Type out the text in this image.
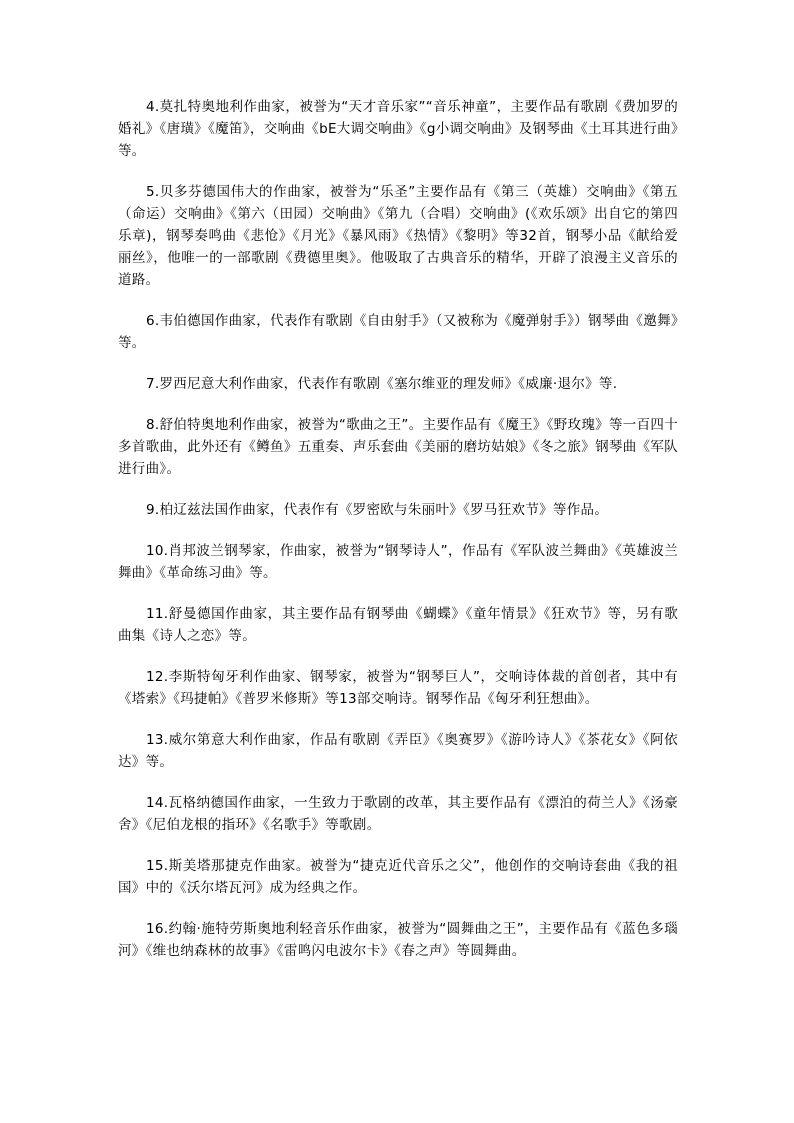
4.莫扎特奥地利作曲家，被誉为“天才音乐家”“音乐神童”，主要作品有歌剧《费加罗的婚礼》《唐璜》《魔笛》，交响曲《bE大调交响曲》《g小调交响曲》及钢琴曲《土耳其进行曲》等。

5.贝多芬德国伟大的作曲家，被誉为“乐圣”主要作品有《第三（英雄）交响曲》《第五（命运）交响曲》《第六（田园）交响曲》《第九（合唱）交响曲》(《欢乐颂》出自它的第四乐章)，钢琴奏鸣曲《悲怆》《月光》《暴风雨》《热情》《黎明》等32首，钢琴小品《献给爱丽丝》，他唯一的一部歌剧《费德里奥》。他吸取了古典音乐的精华，开辟了浪漫主义音乐的道路。

6.韦伯德国作曲家，代表作有歌剧《自由射手》（又被称为《魔弹射手》）钢琴曲《邀舞》等。

7.罗西尼意大利作曲家，代表作有歌剧《塞尔维亚的理发师》《威廉·退尔》等.

8.舒伯特奥地利作曲家，被誉为“歌曲之王”。主要作品有《魔王》《野玫瑰》等一百四十多首歌曲，此外还有《鳟鱼》五重奏、声乐套曲《美丽的磨坊姑娘》《冬之旅》钢琴曲《军队进行曲》。

9.柏辽兹法国作曲家，代表作有《罗密欧与朱丽叶》《罗马狂欢节》等作品。

10.肖邦波兰钢琴家，作曲家，被誉为“钢琴诗人”，作品有《军队波兰舞曲》《英雄波兰舞曲》《革命练习曲》等。

11.舒曼德国作曲家，其主要作品有钢琴曲《蝴蝶》《童年情景》《狂欢节》等，另有歌曲集《诗人之恋》等。

12.李斯特匈牙利作曲家、钢琴家，被誉为“钢琴巨人”，交响诗体裁的首创者，其中有《塔索》《玛捷帕》《普罗米修斯》等13部交响诗。钢琴作品《匈牙利狂想曲》。

13.威尔第意大利作曲家，作品有歌剧《弄臣》《奥赛罗》《游吟诗人》《茶花女》《阿依达》等。

14.瓦格纳德国作曲家，一生致力于歌剧的改革，其主要作品有《漂泊的荷兰人》《汤豪舍》《尼伯龙根的指环》《名歌手》等歌剧。

15.斯美塔那捷克作曲家。被誉为“捷克近代音乐之父”，他创作的交响诗套曲《我的祖国》中的《沃尔塔瓦河》成为经典之作。

16.约翰·施特劳斯奥地利轻音乐作曲家，被誉为“圆舞曲之王”，主要作品有《蓝色多瑙河》《维也纳森林的故事》《雷鸣闪电波尔卡》《春之声》等圆舞曲。
